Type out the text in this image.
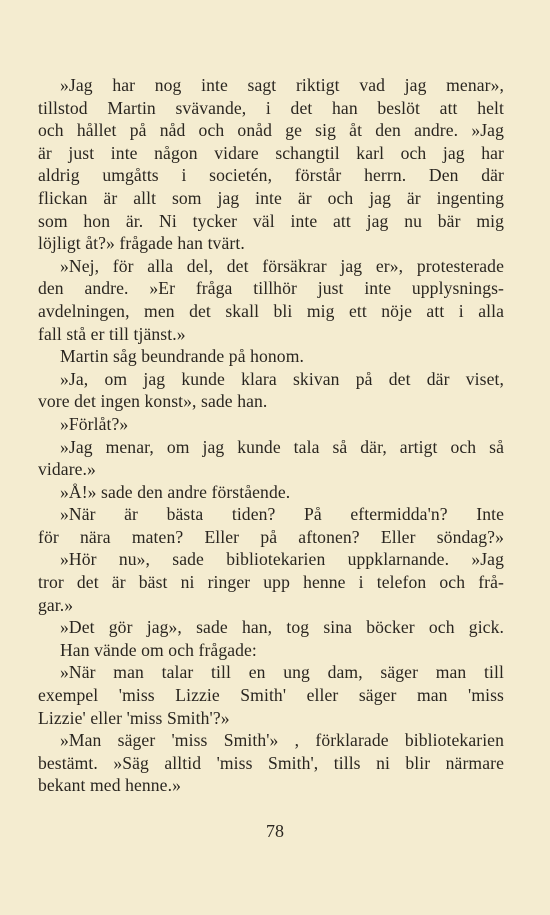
»Jag har nog inte sagt riktigt vad jag menar»,
tillstod Martin svävande, i det han beslöt att helt
och hållet på nåd och onåd ge sig åt den andre. »Jag
är just inte någon vidare schangtil karl och jag har
aldrig umgåtts i societén, förstår herrn. Den där
flickan är allt som jag inte är och jag är ingenting
som hon är. Ni tycker väl inte att jag nu bär mig
löjligt åt?» frågade han tvärt.
»Nej, för alla del, det försäkrar jag er», protesterade
den andre. »Er fråga tillhör just inte upplysnings-
avdelningen, men det skall bli mig ett nöje att i alla
fall stå er till tjänst.»
Martin såg beundrande på honom.
»Ja, om jag kunde klara skivan på det där viset,
vore det ingen konst», sade han.
»Förlåt?»
»Jag menar, om jag kunde tala så där, artigt och så
vidare.»
»Å!» sade den andre förstående.
»När är bästa tiden? På eftermidda'n? Inte
för nära maten? Eller på aftonen? Eller söndag?»
»Hör nu», sade bibliotekarien uppklarnande. »Jag
tror det är bäst ni ringer upp henne i telefon och frå-
gar.»
»Det gör jag», sade han, tog sina böcker och gick.
Han vände om och frågade:
»När man talar till en ung dam, säger man till
exempel 'miss Lizzie Smith' eller säger man 'miss
Lizzie' eller 'miss Smith'?»
»Man säger 'miss Smith'» , förklarade bibliotekarien
bestämt. »Säg alltid 'miss Smith', tills ni blir närmare
bekant med henne.»
78
